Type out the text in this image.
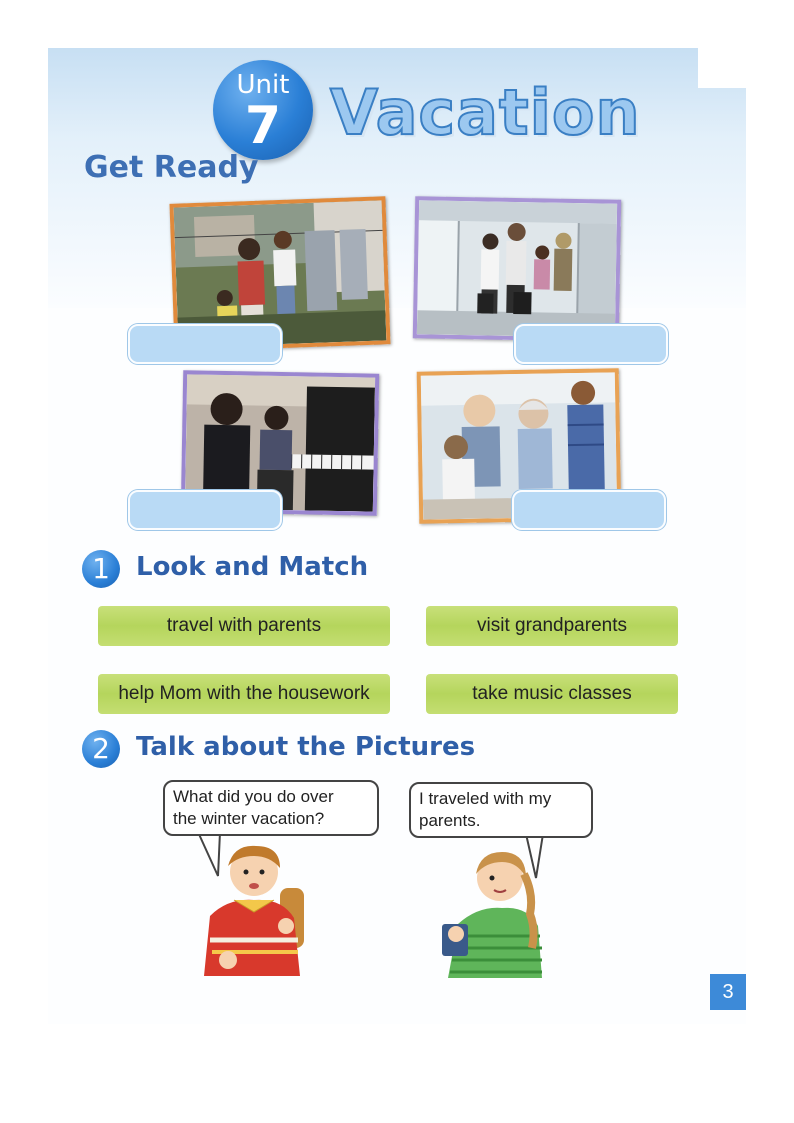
Unit
7 Vacation
Get Ready
1	Look and Match
travel with parents	visit grandparents
help Mom with the housework	take music classes
2	Talk about the Pictures
What did you do over
the winter vacation?
I traveled with my
parents.
3
